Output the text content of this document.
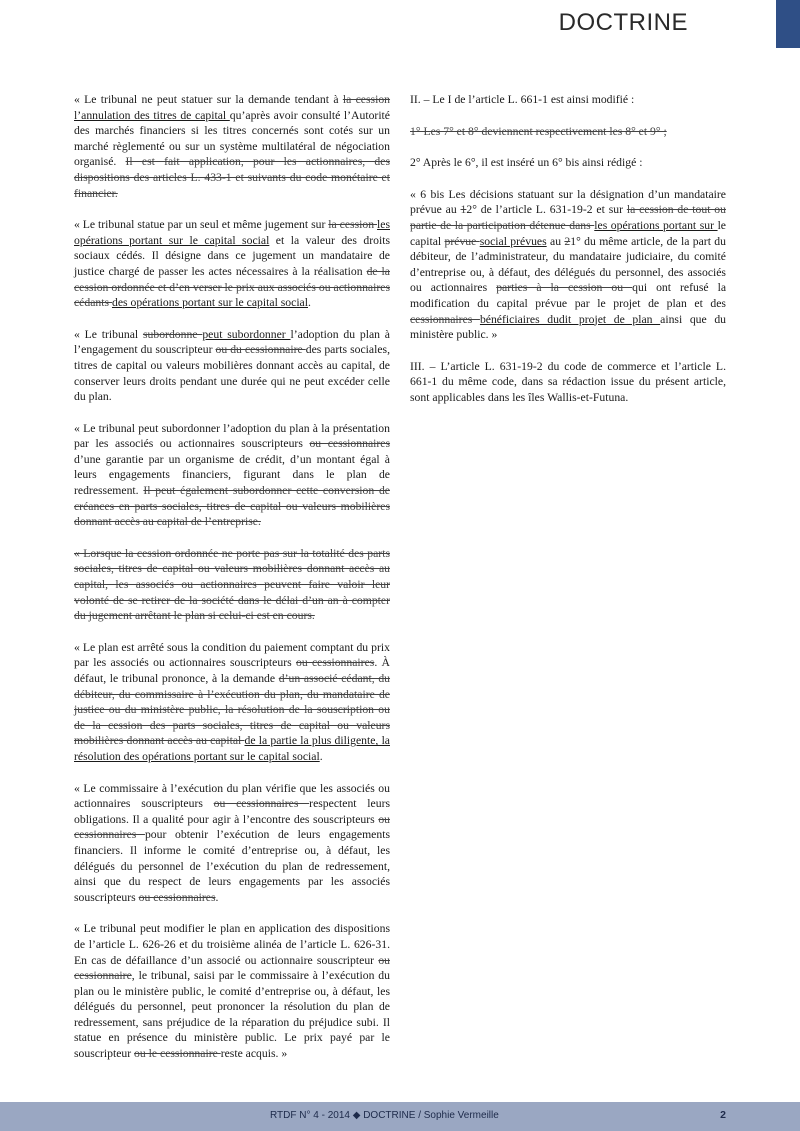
DOCTRINE

« Le tribunal ne peut statuer sur la demande tendant à la cession l’annulation des titres de capital qu’après avoir consulté l’Autorité des marchés financiers si les titres concernés sont cotés sur un marché règlementé ou sur un système multilatéral de négociation organisé. Il est fait application, pour les actionnaires, des dispositions des articles L. 433-1 et suivants du code monétaire et financier.

« Le tribunal statue par un seul et même jugement sur la cession les opérations portant sur le capital social et la valeur des droits sociaux cédés. Il désigne dans ce jugement un mandataire de justice chargé de passer les actes nécessaires à la réalisation de la cession ordonnée et d’en verser le prix aux associés ou actionnaires cédants des opérations portant sur le capital social.

« Le tribunal subordonne peut subordonner l’adoption du plan à l’engagement du souscripteur ou du cessionnaire des parts sociales, titres de capital ou valeurs mobilières donnant accès au capital, de conserver leurs droits pendant une durée qui ne peut excéder celle du plan.

« Le tribunal peut subordonner l’adoption du plan à la présentation par les associés ou actionnaires souscripteurs ou cessionnaires d’une garantie par un organisme de crédit, d’un montant égal à leurs engagements financiers, figurant dans le plan de redressement. Il peut également subordonner cette conversion de créances en parts sociales, titres de capital ou valeurs mobilières donnant accès au capital de l’entreprise.

« Lorsque la cession ordonnée ne porte pas sur la totalité des parts sociales, titres de capital ou valeurs mobilières donnant accès au capital, les associés ou actionnaires peuvent faire valoir leur volonté de se retirer de la société dans le délai d’un an à compter du jugement arrêtant le plan si celui-ci est en cours.

« Le plan est arrêté sous la condition du paiement comptant du prix par les associés ou actionnaires souscripteurs ou cessionnaires. À défaut, le tribunal prononce, à la demande d’un associé cédant, du débiteur, du commissaire à l’exécution du plan, du mandataire de justice ou du ministère public, la résolution de la souscription ou de la cession des parts sociales, titres de capital ou valeurs mobilières donnant accès au capital de la partie la plus diligente, la résolution des opérations portant sur le capital social.

« Le commissaire à l’exécution du plan vérifie que les associés ou actionnaires souscripteurs ou cessionnaires respectent leurs obligations. Il a qualité pour agir à l’encontre des souscripteurs ou cessionnaires pour obtenir l’exécution de leurs engagements financiers. Il informe le comité d’entreprise ou, à défaut, les délégués du personnel de l’exécution du plan de redressement, ainsi que du respect de leurs engagements par les associés souscripteurs ou cessionnaires.

« Le tribunal peut modifier le plan en application des dispositions de l’article L. 626-26 et du troisième alinéa de l’article L. 626-31. En cas de défaillance d’un associé ou actionnaire souscripteur ou cessionnaire, le tribunal, saisi par le commissaire à l’exécution du plan ou le ministère public, le comité d’entreprise ou, à défaut, les délégués du personnel, peut prononcer la résolution du plan de redressement, sans préjudice de la réparation du préjudice subi. Il statue en présence du ministère public. Le prix payé par le souscripteur ou le cessionnaire reste acquis. »

II. – Le I de l’article L. 661-1 est ainsi modifié :

1° Les 7° et 8° deviennent respectivement les 8° et 9° ;

2° Après le 6°, il est inséré un 6° bis ainsi rédigé :

« 6 bis Les décisions statuant sur la désignation d’un mandataire prévue au 12° de l’article L. 631-19-2 et sur la cession de tout ou partie de la participation détenue dans les opérations portant sur le capital prévue social prévues au 21° du même article, de la part du débiteur, de l’administrateur, du mandataire judiciaire, du comité d’entreprise ou, à défaut, des délégués du personnel, des associés ou actionnaires parties à la cession ou qui ont refusé la modification du capital prévue par le projet de plan et des cessionnaires bénéficiaires dudit projet de plan ainsi que du ministère public. »

III. – L’article L. 631-19-2 du code de commerce et l’article L. 661-1 du même code, dans sa rédaction issue du présent article, sont applicables dans les îles Wallis-et-Futuna.

RTDF N° 4 - 2014 ◆ DOCTRINE / Sophie Vermeille	2
